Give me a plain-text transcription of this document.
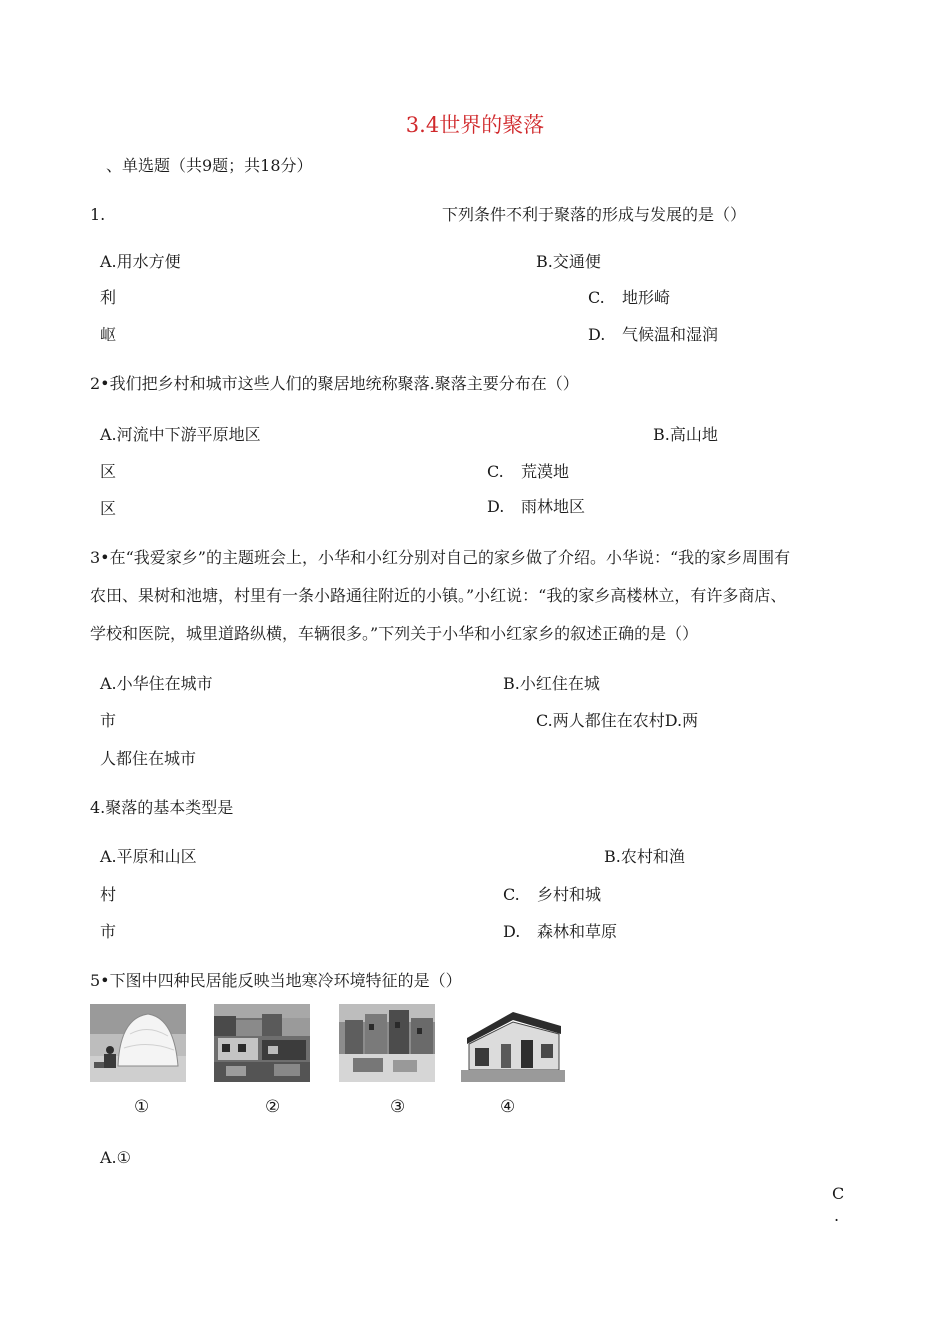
3.4世界的聚落
、单选题（共9题；共18分）
1.	下列条件不利于聚落的形成与发展的是（）
A.用水方便	B.交通便
利	C. 地形崎
岖	D. 气候温和湿润
2•我们把乡村和城市这些人们的聚居地统称聚落.聚落主要分布在（）
A.河流中下游平原地区	B.高山地
区	C. 荒漠地
区	D. 雨林地区
3•在“我爱家乡”的主题班会上，小华和小红分别对自己的家乡做了介绍。小华说：“我的家乡周围有
农田、果树和池塘，村里有一条小路通往附近的小镇。”小红说：“我的家乡高楼林立，有许多商店、
学校和医院，城里道路纵横，车辆很多。”下列关于小华和小红家乡的叙述正确的是（）
A.小华住在城市	B.小红住在城
市	C.两人都住在农村D.两
人都住在城市
4.聚落的基本类型是
A.平原和山区	B.农村和渔
村	C. 乡村和城
市	D. 森林和草原
5•下图中四种民居能反映当地寒冷环境特征的是（）
①	②	③	④
A.①
C
.
